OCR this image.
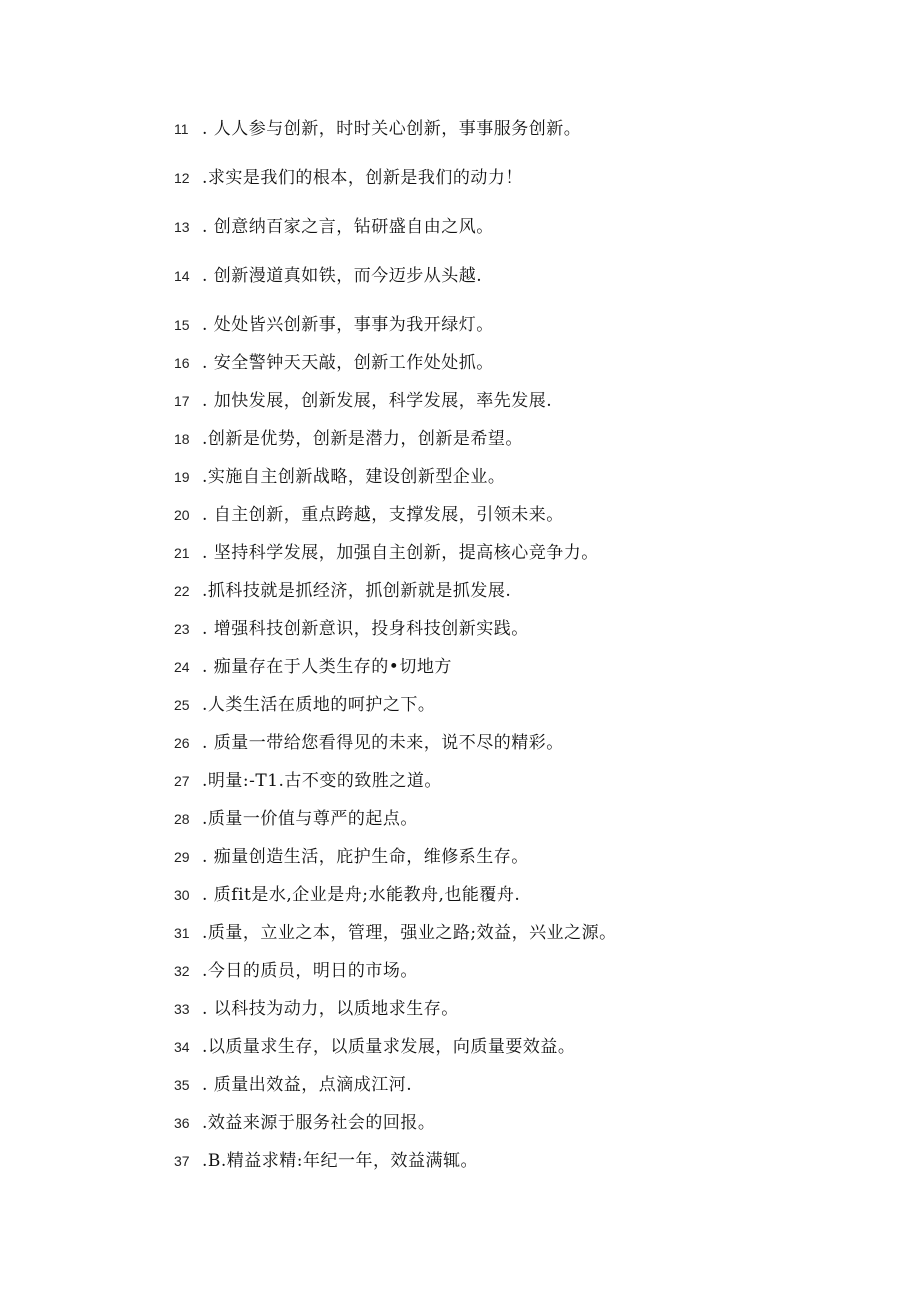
11 . 人人参与创新，时时关心创新，事事服务创新。
12 .求实是我们的根本，创新是我们的动力！
13 . 创意纳百家之言，钻研盛自由之风。
14 . 创新漫道真如铁，而今迈步从头越.
15 . 处处皆兴创新事，事事为我开绿灯。
16 . 安全警钟天天敲，创新工作处处抓。
17 . 加快发展，创新发展，科学发展，率先发展.
18 .创新是优势，创新是潜力，创新是希望。
19 .实施自主创新战略，建设创新型企业。
20 . 自主创新，重点跨越，支撑发展，引领未来。
21 . 坚持科学发展，加强自主创新，提高核心竞争力。
22 .抓科技就是抓经济，抓创新就是抓发展.
23 . 增强科技创新意识，投身科技创新实践。
24 . 痂量存在于人类生存的•切地方
25 .人类生活在质地的呵护之下。
26 . 质量一带给您看得见的未来，说不尽的精彩。
27 .明量:-T1.古不变的致胜之道。
28 .质量一价值与尊严的起点。
29 . 痂量创造生活，庇护生命，维修系生存。
30 . 质fit是水,企业是舟;水能教舟,也能覆舟.
31 .质量，立业之本，管理，强业之路;效益，兴业之源。
32 .今日的质员，明日的市场。
33 . 以科技为动力，以质地求生存。
34 .以质量求生存，以质量求发展，向质量要效益。
35 . 质量出效益，点滴成江河.
36 .效益来源于服务社会的回报。
37 .B.精益求精:年纪一年，效益满辄。
